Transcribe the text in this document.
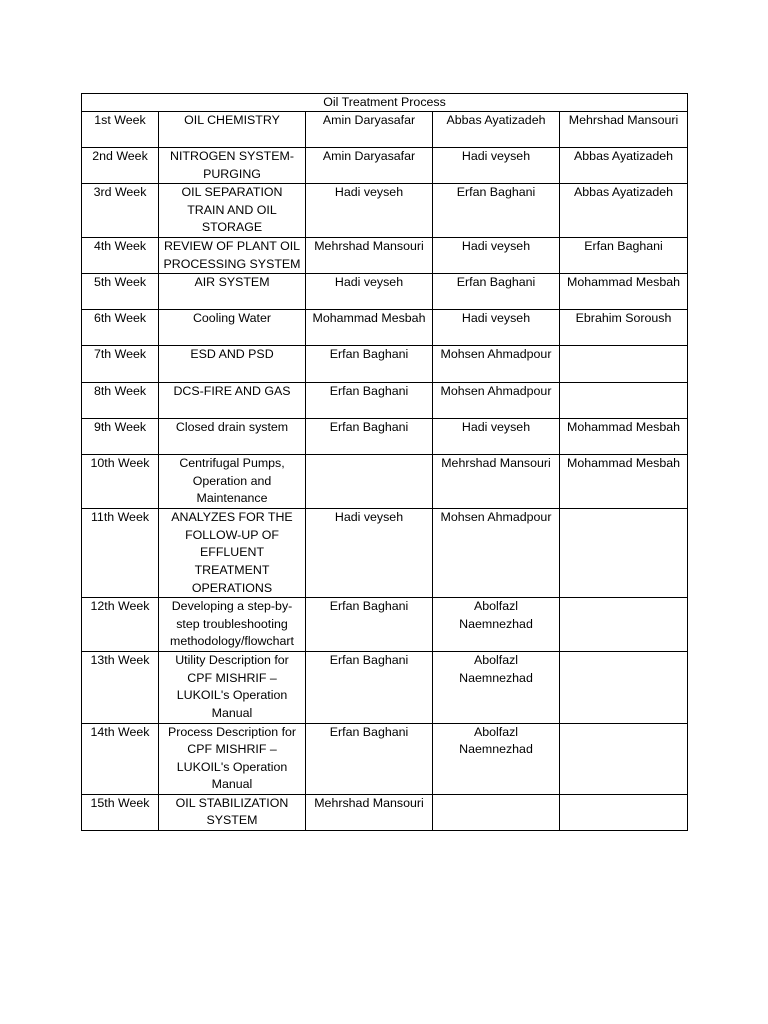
Oil Treatment Process				
1st Week	OIL CHEMISTRY	Amin Daryasafar	Abbas Ayatizadeh	Mehrshad Mansouri
2nd Week	NITROGEN SYSTEM-PURGING	Amin Daryasafar	Hadi veyseh	Abbas Ayatizadeh
3rd Week	OIL SEPARATION TRAIN AND OIL STORAGE	Hadi veyseh	Erfan Baghani	Abbas Ayatizadeh
4th Week	REVIEW OF PLANT OIL PROCESSING SYSTEM	Mehrshad Mansouri	Hadi veyseh	Erfan Baghani
5th Week	AIR SYSTEM	Hadi veyseh	Erfan Baghani	Mohammad Mesbah
6th Week	Cooling Water	Mohammad Mesbah	Hadi veyseh	Ebrahim Soroush
7th Week	ESD AND PSD	Erfan Baghani	Mohsen Ahmadpour	
8th Week	DCS-FIRE AND GAS	Erfan Baghani	Mohsen Ahmadpour	
9th Week	Closed drain system	Erfan Baghani	Hadi veyseh	Mohammad Mesbah
10th Week	Centrifugal Pumps, Operation and Maintenance		Mehrshad Mansouri	Mohammad Mesbah
11th Week	ANALYZES FOR THE FOLLOW-UP OF EFFLUENT TREATMENT OPERATIONS	Hadi veyseh	Mohsen Ahmadpour	
12th Week	Developing a step-by-step troubleshooting methodology/flowchart	Erfan Baghani	Abolfazl Naemnezhad	
13th Week	Utility Description for CPF MISHRIF – LUKOIL's Operation Manual	Erfan Baghani	Abolfazl Naemnezhad	
14th Week	Process Description for CPF MISHRIF – LUKOIL's Operation Manual	Erfan Baghani	Abolfazl Naemnezhad	
15th Week	OIL STABILIZATION SYSTEM	Mehrshad Mansouri		
